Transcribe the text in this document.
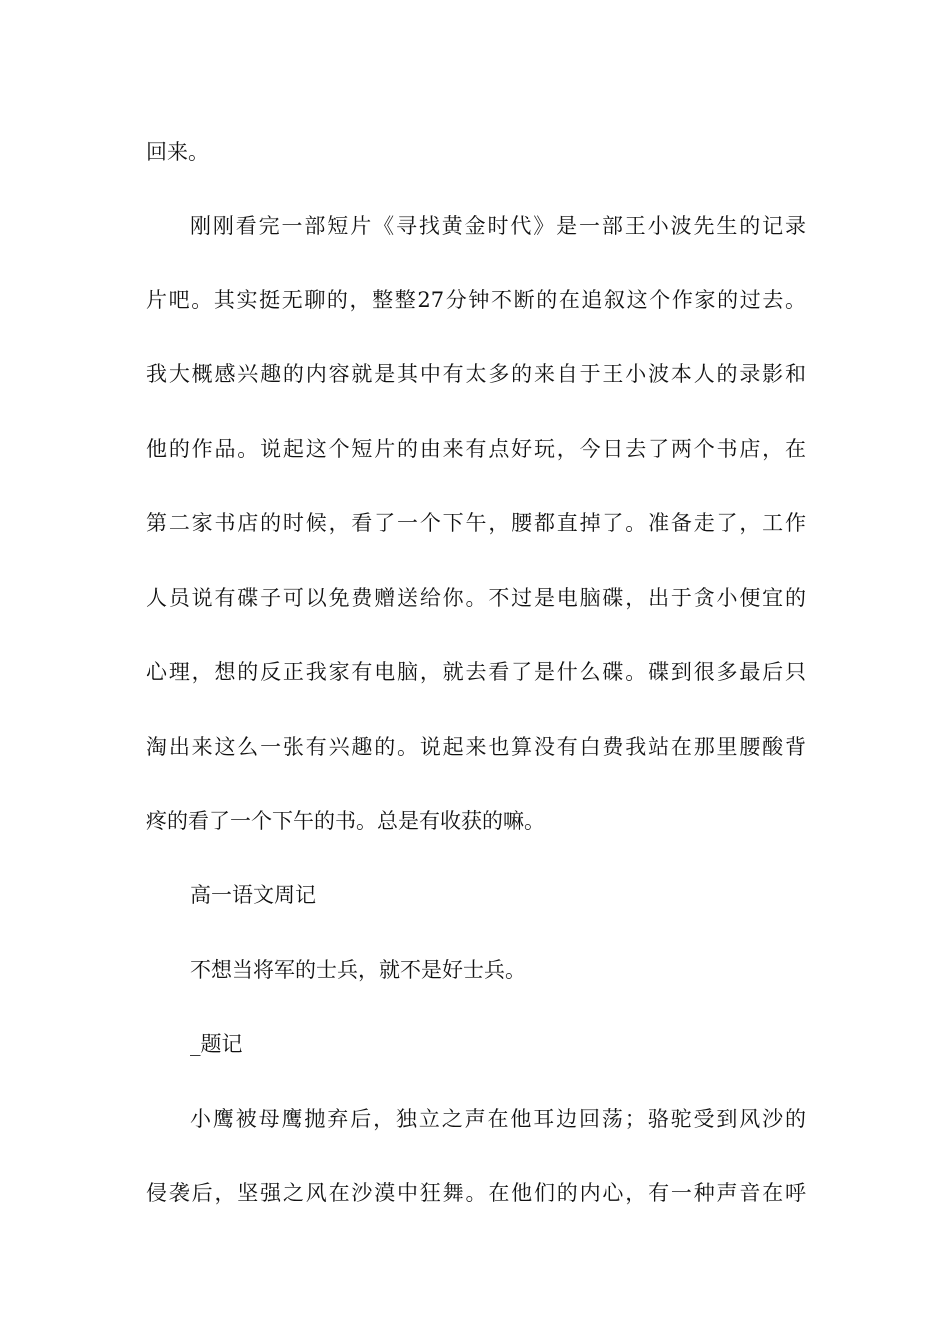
回来。

刚刚看完一部短片《寻找黄金时代》是一部王小波先生的记录

片吧。其实挺无聊的，整整27分钟不断的在追叙这个作家的过去。

我大概感兴趣的内容就是其中有太多的来自于王小波本人的录影和

他的作品。说起这个短片的由来有点好玩，今日去了两个书店，在

第二家书店的时候，看了一个下午，腰都直掉了。准备走了，工作

人员说有碟子可以免费赠送给你。不过是电脑碟，出于贪小便宜的

心理，想的反正我家有电脑，就去看了是什么碟。碟到很多最后只

淘出来这么一张有兴趣的。说起来也算没有白费我站在那里腰酸背

疼的看了一个下午的书。总是有收获的嘛。

高一语文周记

不想当将军的士兵，就不是好士兵。

_题记

小鹰被母鹰抛弃后，独立之声在他耳边回荡；骆驼受到风沙的

侵袭后，坚强之风在沙漠中狂舞。在他们的内心，有一种声音在呼
